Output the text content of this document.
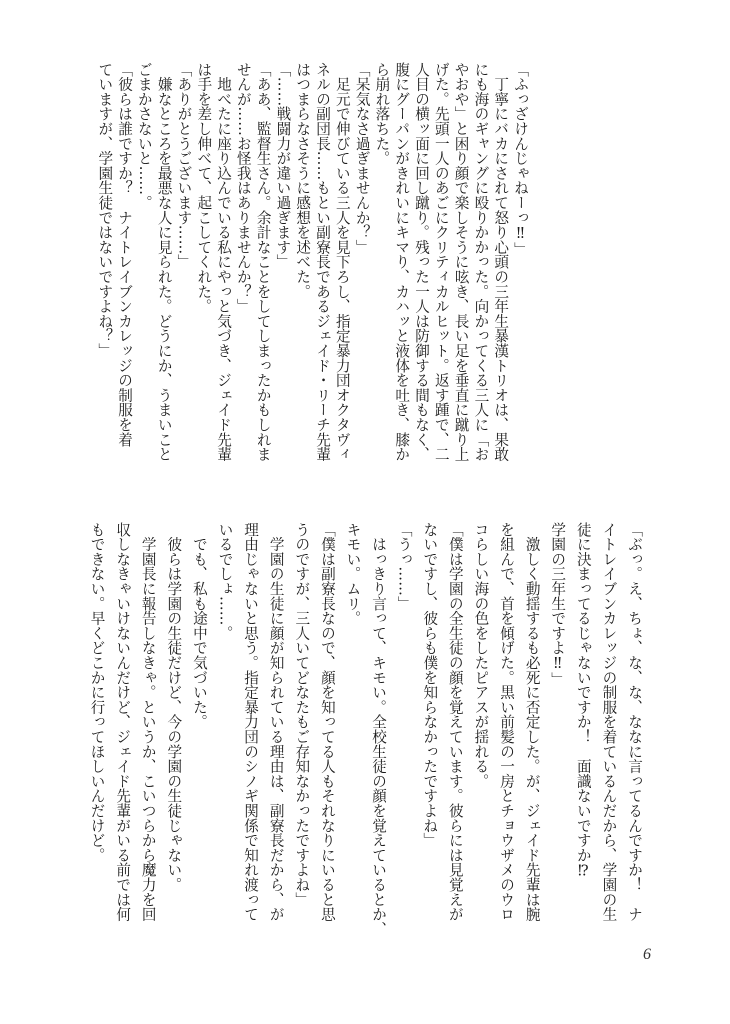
「ふっざけんじゃねーっ‼」
　丁寧にバカにされて怒り心頭の三年生暴漢トリオは、果敢
にも海のギャングに殴りかかった。向かってくる三人に「お
やおや」と困り顔で楽しそうに呟き、長い足を垂直に蹴り上
げた。先頭一人のあごにクリティカルヒット。返す踵で、二
人目の横ッ面に回し蹴り。残った一人は防御する間もなく、
腹にグーパンがきれいにキマり、カハッと液体を吐き、膝か
ら崩れ落ちた。
「呆気なさ過ぎませんか？」
　足元で伸びている三人を見下ろし、指定暴力団オクタヴィ
ネルの副団長……もとい副寮長であるジェイド・リーチ先輩
はつまらなさそうに感想を述べた。
「……戦闘力が違い過ぎます」
「ああ、監督生さん。余計なことをしてしまったかもしれま
せんが……お怪我はありませんか？」
　地べたに座り込んでいる私にやっと気づき、ジェイド先輩
は手を差し伸べて、起こしてくれた。
「ありがとうございます……」
　嫌なところを最悪な人に見られた。どうにか、うまいこと
ごまかさないと……。
「彼らは誰ですか？　ナイトレイブンカレッジの制服を着
ていますが、学園生徒ではないですよね？」
「ぶっ。え、ちょ、な、な、ななに言ってるんですか！　ナ
イトレイブンカレッジの制服を着ているんだから、学園の生
徒に決まってるじゃないですか！　面識ないですか⁉
学園の三年生ですよ‼」
　激しく動揺するも必死に否定した。が、ジェイド先輩は腕
を組んで、首を傾げた。黒い前髪の一房とチョウザメのウロ
コらしい海の色をしたピアスが揺れる。
「僕は学園の全生徒の顔を覚えています。彼らには見覚えが
ないですし、彼らも僕を知らなかったですよね」
「うっ……」
　はっきり言って、キモい。全校生徒の顔を覚えているとか、
キモい。ムリ。
「僕は副寮長なので、顔を知ってる人もそれなりにいると思
うのですが、三人いてどなたもご存知なかったですよね」
　学園の生徒に顔が知られている理由は、副寮長だから、が
理由じゃないと思う。指定暴力団のシノギ関係で知れ渡って
いるでしょ……。
　でも、私も途中で気づいた。
　彼らは学園の生徒だけど、今の学園の生徒じゃない。
　学園長に報告しなきゃ。というか、こいつらから魔力を回
収しなきゃいけないんだけど、ジェイド先輩がいる前では何
もできない。早くどこかに行ってほしいんだけど。
6
